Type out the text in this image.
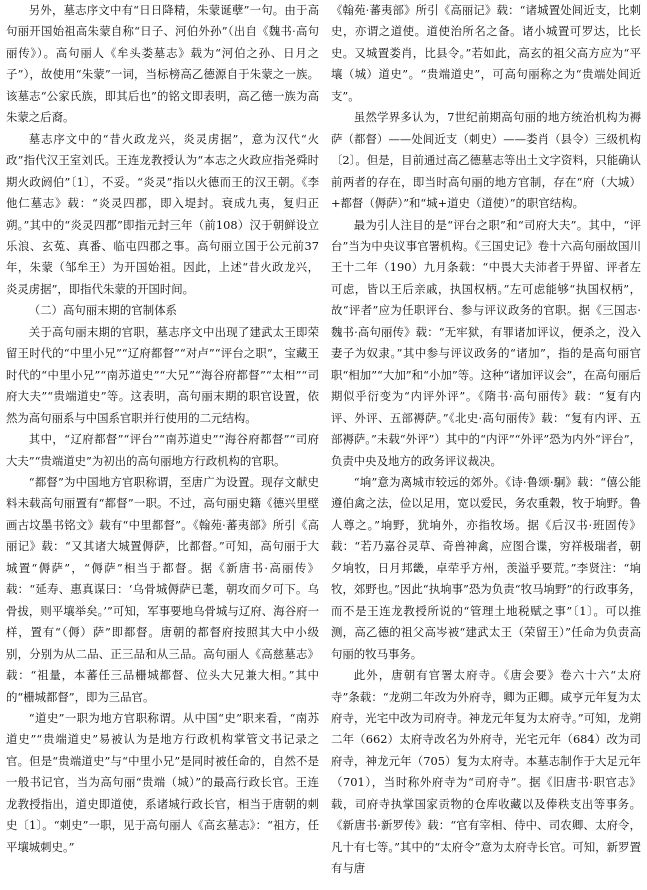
另外，墓志序文中有“日日降精，朱蒙诞孽”一句。由于高句丽开国始祖高朱蒙自称“日子、河伯外孙”（出自《魏书·高句丽传》）。高句丽人《牟头娄墓志》载为“河伯之孙、日月之子”），故使用“朱蒙”一词，当标榜高乙德源自于朱蒙之一族。该墓志“公家氏族，即其后也”的铭文即表明，高乙德一族为高朱蒙之后裔。

墓志序文中的“昔火政龙兴，炎灵虏据”，意为汉代“火政”指代汉王室刘氏。王连龙教授认为“本志之火政应指尧舜时期火政阏伯”〔1〕，不妥。“炎灵”指以火德而王的汉王朝。《李他仁墓志》载：“炎灵四郡，即入堤封。衰成九夷，复归正朔。”其中的“炎灵四郡”即指元封三年（前108）汉于朝鲜设立乐浪、玄菟、真番、临屯四郡之事。高句丽立国于公元前37年，朱蒙（邹牟王）为开国始祖。因此，上述“昔火政龙兴，炎灵虏据”，即指代朱蒙的开国时间。

（二）高句丽末期的官制体系

关于高句丽末期的官职，墓志序文中出现了建武太王即荣留王时代的“中里小兄”“辽府都督”“对卢”“评台之职”，宝藏王时代的“中里小兄”“南苏道史”“大兄”“海谷府都督”“太相”“司府大夫”“贵端道史”等。这表明，高句丽末期的职官设置，依然为高句丽系与中国系官职并行使用的二元结构。

其中，“辽府都督”“评台”“南苏道史”“海谷府都督”“司府大夫”“贵端道史”为初出的高句丽地方行政机构的官职。

“都督”为中国地方官职称谓，至唐广为设置。现存文献史料未载高句丽置有“都督”一职。不过，高句丽史籍《德兴里壁画古坟墨书铭文》载有“中里都督”。《翰苑·蕃夷部》所引《高丽记》载：“又其诸大城置傉萨，比都督。”可知，高句丽于大城置“傉萨”，“傉萨”相当于都督。据《新唐书·高丽传》载：“延寿、惠真谋曰：‘乌骨城傉萨已耄，朝攻而夕可下。乌骨拔，则平壤举矣。’”可知，军事要地乌骨城与辽府、海谷府一样，置有“（傉）萨”即都督。唐朝的都督府按照其大中小级别，分别为从二品、正三品和从三品。高句丽人《高慈墓志》载：“祖量，本蕃任三品栅城都督、位头大兄兼大相。”其中的“栅城都督”，即为三品官。

“道史”一职为地方官职称谓。从中国“史”职来看，“南苏道史”“贵端道史”易被认为是地方行政机构掌管文书记录之官。但是“贵端道史”与“中里小兄”是同时被任命的，自然不是一般书记官，当为高句丽“贵端（城）”的最高行政长官。王连龙教授指出，道史即道使，系诸城行政长官，相当于唐朝的刺史〔1〕。“刺史”一职，见于高句丽人《高玄墓志》：“祖方，任平壤城刺史。”

《翰苑·蕃夷部》所引《高丽记》载：“诸城置处闾近支，比刺史，亦谓之道使。道使治所名之备。诸小城置可罗达，比长史。又城置娄肖，比县令。”若如此，高玄的祖父高方应为“平壤（城）道史”。“贵端道史”，可高句丽称之为“贵端处闾近支”。

虽然学界多认为，7世纪前期高句丽的地方统治机构为褥萨（都督）——处闾近支（刺史）——娄肖（县令）三级机构〔2〕。但是，目前通过高乙德墓志等出土文字资料，只能确认前两者的存在，即当时高句丽的地方官制，存在“府（大城）+都督（傉萨）”和“城+道史（道使）”的职官结构。

最为引人注目的是“评台之职”和“司府大夫”。其中，“评台”当为中央议事官署机构。《三国史记》卷十六高句丽故国川王十二年（190）九月条载：“中畏大夫沛者于畀留、评者左可虑，皆以王后亲戚，执国权柄。”左可虑能够“执国权柄”，故“评者”应为任职评台、参与评议政务的官职。据《三国志·魏书·高句丽传》载：“无牢狱，有罪诸加评议，便杀之，没入妻子为奴隶。”其中参与评议政务的“诸加”，指的是高句丽官职“相加”“大加”和“小加”等。这种“诸加评议会”，在高句丽后期似乎衍变为“内评外评”。《隋书·高句丽传》载：“复有内评、外评、五部褥萨。”《北史·高句丽传》载：“复有内评、五部褥萨。”未载“外评”）其中的“内评”“外评”恐为内外“评台”，负责中央及地方的政务评议裁决。

“垧”意为离城市较远的郊外。《诗·鲁颂·駉》载：“僖公能遵伯禽之法，俭以足用，宽以爱民，务农重穀，牧于垧野。鲁人尊之。”垧野，犹垧外，亦指牧场。据《后汉书·班固传》载：“若乃嘉谷灵草、奇兽神禽，应图合谍，穷祥极瑞者，朝夕垧牧，日月邦畿，卓荦乎方州，羡溢乎要荒。”李贤注：“垧牧，郊野也。”因此“执垧事”恐为负责“牧马垧野”的行政事务，而不是王连龙教授所说的“管理土地税赋之事”〔1〕。可以推测，高乙德的祖父高岑被“建武太王（荣留王）”任命为负责高句丽的牧马事务。

此外，唐朝有官署太府寺。《唐会要》卷六十六“太府寺”条载：“龙朔二年改为外府寺，卿为正卿。咸亨元年复为太府寺，光宅中改为司府寺。神龙元年复为太府寺。”可知，龙朔二年（662）太府寺改名为外府寺，光宅元年（684）改为司府寺，神龙元年（705）复为太府寺。本墓志制作于大足元年（701），当时称外府寺为“司府寺”。据《旧唐书·职官志》载，司府寺执掌国家贡物的仓库收藏以及俸秩支出等事务。《新唐书·新罗传》载：“官有宰相、侍中、司农卿、太府令，凡十有七等。”其中的“太府令”意为太府寺长官。可知，新罗置有与唐
